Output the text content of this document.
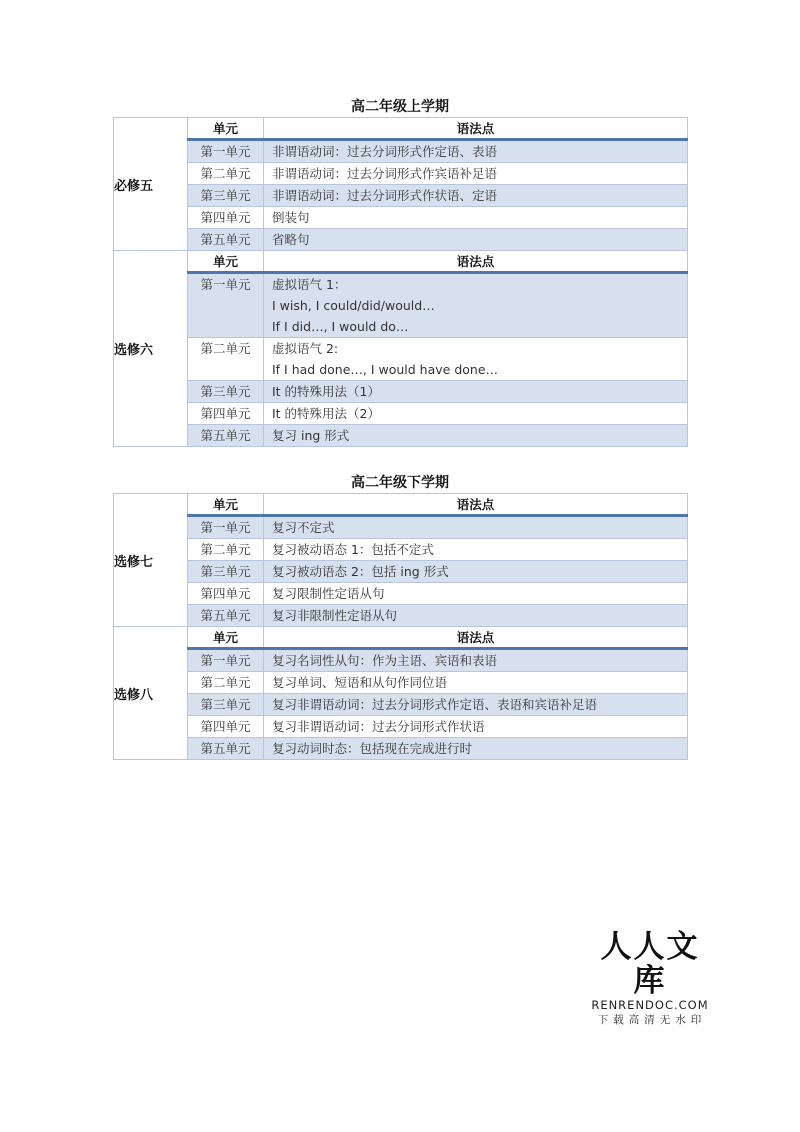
高二年级上学期
必修五	单元	语法点
	第一单元	非谓语动词：过去分词形式作定语、表语

	第二单元	非谓语动词：过去分词形式作宾语补足语

	第三单元	非谓语动词：过去分词形式作状语、定语

	第四单元	倒装句

	第五单元	省略句

选修六	单元	语法点
	第一单元	虚拟语气 1：
I wish, I could/did/would…
If I did…, I would do…

	第二单元	虚拟语气 2:
If I had done…, I would have done…

	第三单元	It 的特殊用法（1）

	第四单元	It 的特殊用法（2）

	第五单元	复习 ing 形式
高二年级下学期
选修七	单元	语法点
	第一单元	复习不定式

	第二单元	复习被动语态 1：包括不定式

	第三单元	复习被动语态 2：包括 ing 形式

	第四单元	复习限制性定语从句

	第五单元	复习非限制性定语从句

选修八	单元	语法点
	第一单元	复习名词性从句：作为主语、宾语和表语

	第二单元	复习单词、短语和从句作同位语

	第三单元	复习非谓语动词：过去分词形式作定语、表语和宾语补足语

	第四单元	复习非谓语动词：过去分词形式作状语

	第五单元	复习动词时态：包括现在完成进行时
人人文库
RENRENDOC.COM
下载高清无水印
